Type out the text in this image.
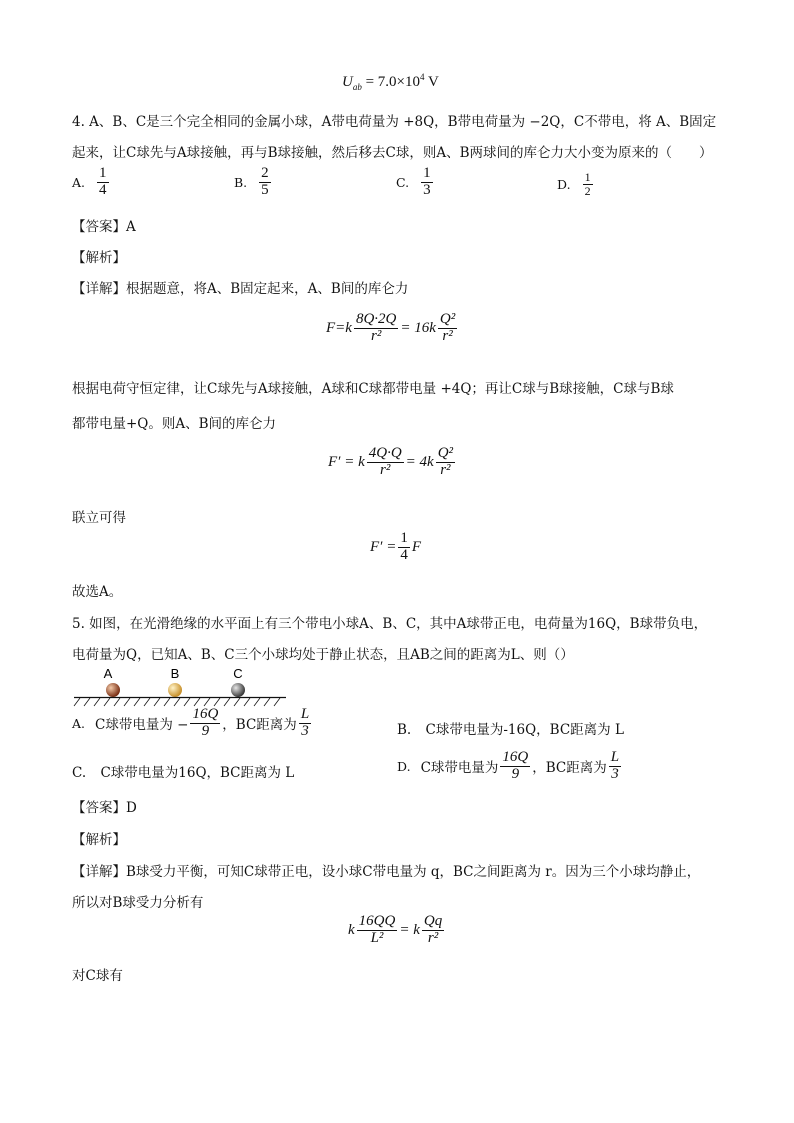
$U_{ab} = 7.0\times 10^4$ V
4. A、B、C是三个完全相同的金属小球，A带电荷量为 +8Q，B带电荷量为 −2Q，C不带电，将 A、B固定
起来，让C球先与A球接触，再与B球接触，然后移去C球，则A、B两球间的库仑力大小变为原来的（　　）
A. $\frac{1}{4}$	B. $\frac{2}{5}$	C. $\frac{1}{3}$	D. $\frac{1}{2}$
【答案】A
【解析】
【详解】根据题意，将A、B固定起来，A、B间的库仑力
$F=k \frac{8Q\cdot 2Q}{\text{r²}} = 16k \frac{\text{Q²}}{\text{r²}}$
根据电荷守恒定律，让C球先与A球接触，A球和C球都带电量 +4Q；再让C球与B球接触，C球与B球
都带电量+Q。则A、B间的库仑力
F′ = k $\frac{4Q\cdot Q}{\text{r²}} = 4k \frac{\text{Q²}}{\text{r²}}$
联立可得
$F' = \frac{1}{4}$ F
故选A。
5. 如图，在光滑绝缘的水平面上有三个带电小球A、B、C，其中A球带正电，电荷量为16Q，B球带负电，
电荷量为Q，已知A、B、C三个小球均处于静止状态，且AB之间的距离为L、则（）
A	B	C
A. C球带电量为 − $\frac{16Q}{9}$ ，BC距离为 $\frac{L}{3}$	B. C球带电量为-16Q，BC距离为 L
C. C球带电量为16Q，BC距离为 L	D. C球带电量为 $\frac{16Q}{9}$ ，BC距离为 $\frac{L}{3}$
【答案】D
【解析】
【详解】B球受力平衡，可知C球带正电，设小球C带电量为 q，BC之间距离为 r。因为三个小球均静止，
所以对B球受力分析有
k $\frac{16QQ}{\text{L²}} = k \frac{Qq}{\text{r²}}$
对C球有
